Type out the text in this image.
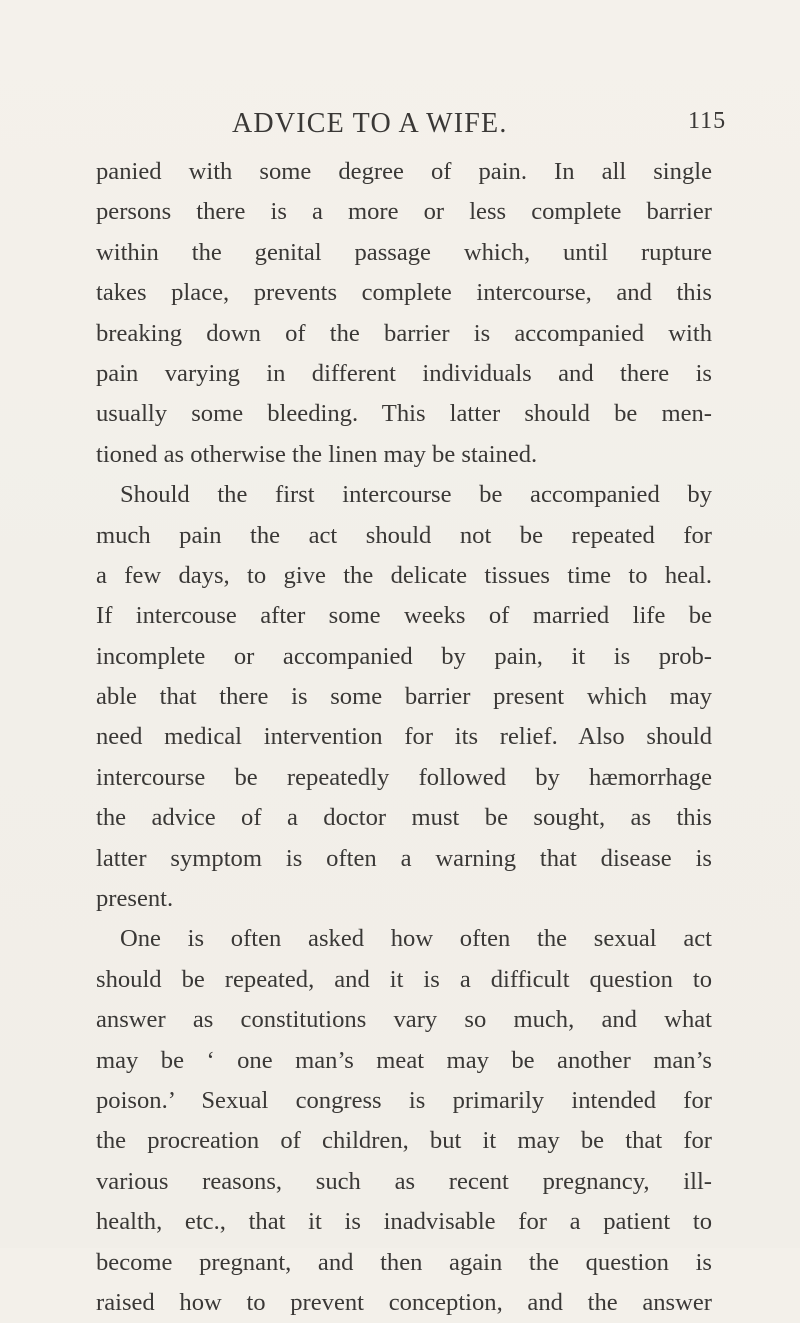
ADVICE TO A WIFE.	115
panied with some degree of pain. In all single
persons there is a more or less complete barrier
within the genital passage which, until rupture
takes place, prevents complete intercourse, and this
breaking down of the barrier is accompanied with
pain varying in different individuals and there is
usually some bleeding. This latter should be men-
tioned as otherwise the linen may be stained.
Should the first intercourse be accompanied by
much pain the act should not be repeated for
a few days, to give the delicate tissues time to heal.
If intercouse after some weeks of married life be
incomplete or accompanied by pain, it is prob-
able that there is some barrier present which may
need medical intervention for its relief. Also should
intercourse be repeatedly followed by hæmorrhage
the advice of a doctor must be sought, as this
latter symptom is often a warning that disease is
present.
One is often asked how often the sexual act
should be repeated, and it is a difficult question to
answer as constitutions vary so much, and what
may be ‘ one man’s meat may be another man’s
poison.’ Sexual congress is primarily intended for
the procreation of children, but it may be that for
various reasons, such as recent pregnancy, ill-
health, etc., that it is inadvisable for a patient to
become pregnant, and then again the question is
raised how to prevent conception, and the answer
